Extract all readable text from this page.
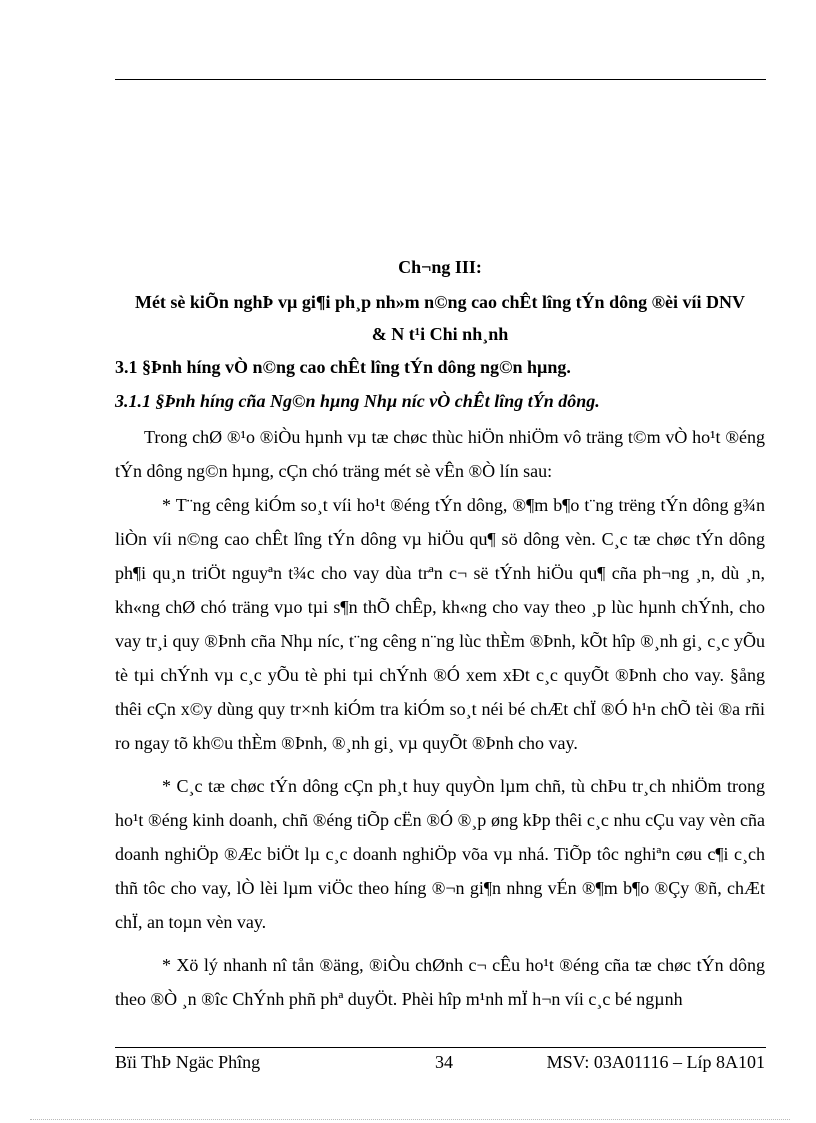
Ch¬ng III:
Mét sè kiÕn nghÞ vµ gi¶i ph¸p nh»m n©ng cao chÊt lîng tÝn dông ®èi víi DNV
& N t¹i Chi nh¸nh
3.1 §Þnh híng vÒ n©ng cao chÊt lîng tÝn dông ng©n hµng.
3.1.1 §Þnh híng cña Ng©n hµng Nhµ níc vÒ chÊt lîng tÝn dông.

Trong chØ ®¹o ®iÒu hµnh vµ tæ chøc thùc hiÖn nhiÖm vô träng t©m vÒ ho¹t ®éng tÝn dông ng©n hµng, cÇn chó träng mét sè vÊn ®Ò lín sau:

* T¨ng cêng kiÓm so¸t víi ho¹t ®éng tÝn dông, ®¶m b¶o t¨ng trëng tÝn dông g¾n liÒn víi n©ng cao chÊt lîng tÝn dông vµ hiÖu qu¶ sö dông vèn. C¸c tæ chøc tÝn dông ph¶i qu¸n triÖt nguyªn t¾c cho vay dùa trªn c¬ së tÝnh hiÖu qu¶ cña ph¬ng ¸n, dù ¸n, kh«ng chØ chó träng vµo tµi s¶n thÕ chÊp, kh«ng cho vay theo ¸p lùc hµnh chÝnh, cho vay tr¸i quy ®Þnh cña Nhµ níc, t¨ng cêng n¨ng lùc thÈm ®Þnh, kÕt hîp ®¸nh gi¸ c¸c yÕu tè tµi chÝnh vµ c¸c yÕu tè phi tµi chÝnh ®Ó xem xÐt c¸c quyÕt ®Þnh cho vay. §ång thêi cÇn x©y dùng quy tr×nh kiÓm tra kiÓm so¸t néi bé chÆt chÏ ®Ó h¹n chÕ tèi ®a rñi ro ngay tõ kh©u thÈm ®Þnh, ®¸nh gi¸ vµ quyÕt ®Þnh cho vay.

* C¸c tæ chøc tÝn dông cÇn ph¸t huy quyÒn lµm chñ, tù chÞu tr¸ch nhiÖm trong ho¹t ®éng kinh doanh, chñ ®éng tiÕp cËn ®Ó ®¸p øng kÞp thêi c¸c nhu cÇu vay vèn cña doanh nghiÖp ®Æc biÖt lµ c¸c doanh nghiÖp võa vµ nhá. TiÕp tôc nghiªn cøu c¶i c¸ch thñ tôc cho vay, lÒ lèi lµm viÖc theo híng ®¬n gi¶n nhng vÉn ®¶m b¶o ®Çy ®ñ, chÆt chÏ, an toµn vèn vay.

* Xö lý nhanh nî tån ®äng, ®iÒu chØnh c¬ cÊu ho¹t ®éng cña tæ chøc tÝn dông theo ®Ò ¸n ®îc ChÝnh phñ phª duyÖt. Phèi hîp m¹nh mÏ h¬n víi c¸c bé ngµnh

Bïi ThÞ Ngäc Phîng	34	MSV: 03A01116 – Líp 8A101
